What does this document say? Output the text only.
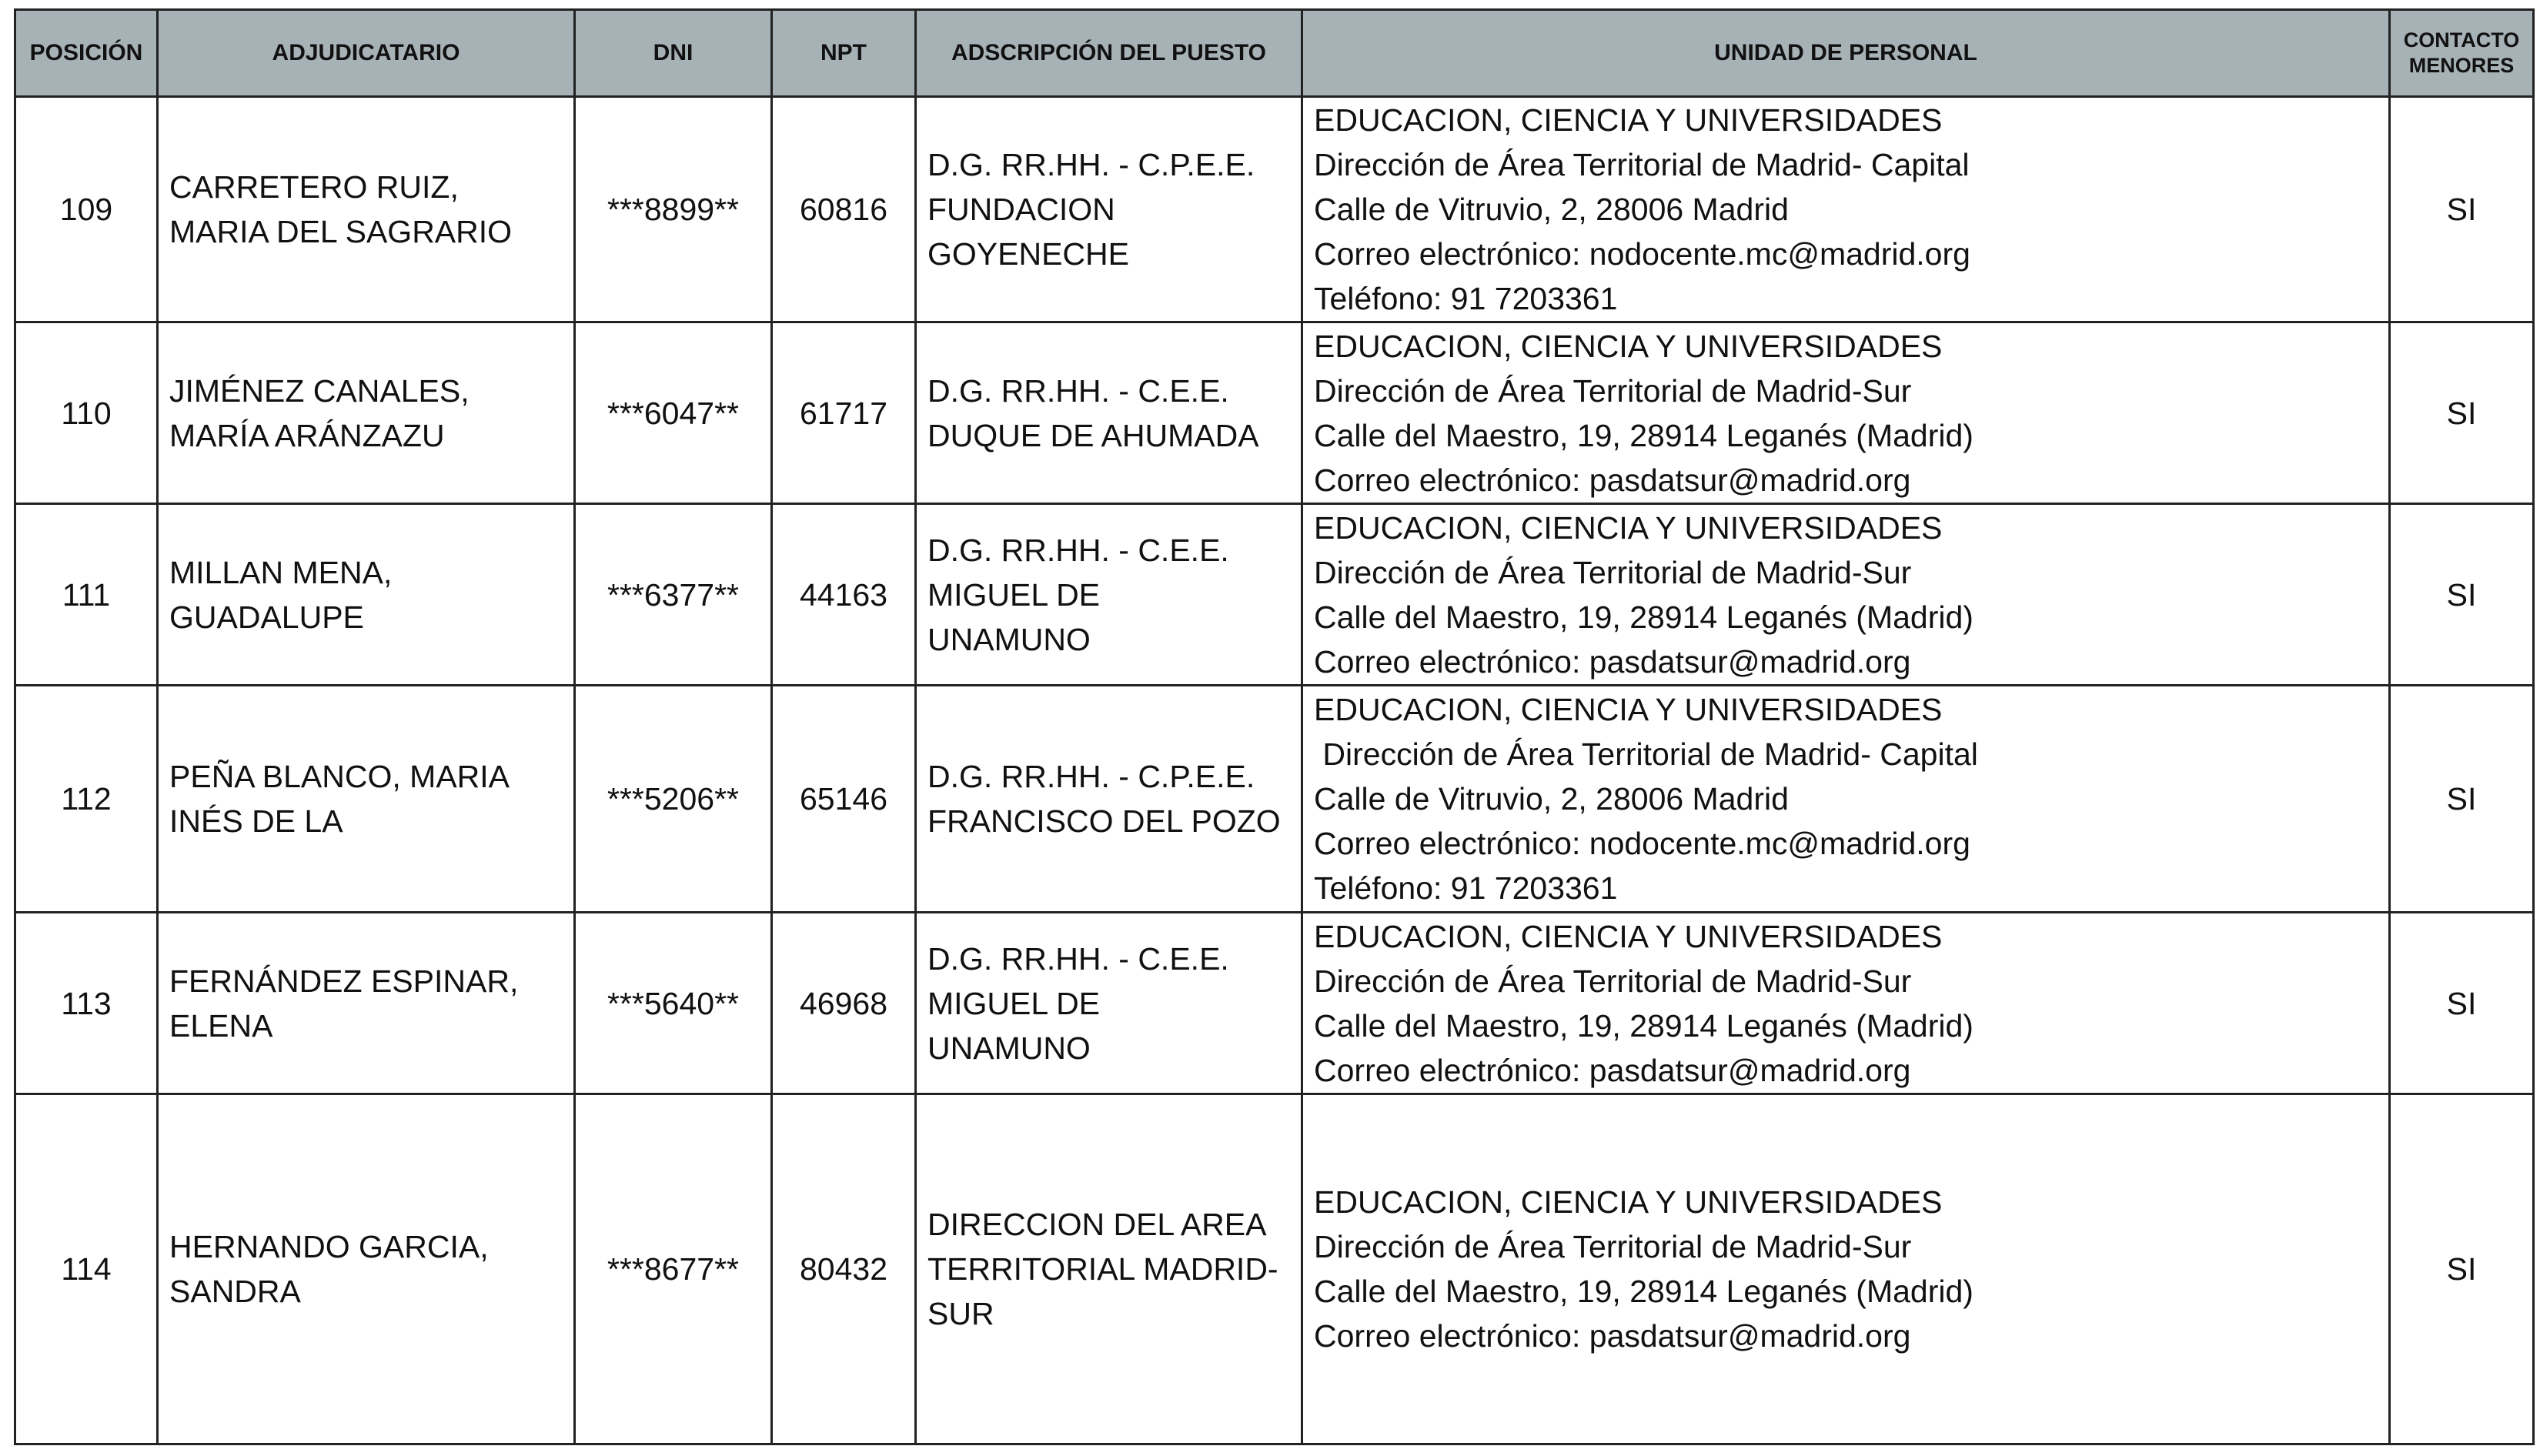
POSICIÓN	ADJUDICATARIO	DNI	NPT	ADSCRIPCIÓN DEL PUESTO	UNIDAD DE PERSONAL	CONTACTO
MENORES

109	CARRETERO RUIZ,
MARIA DEL SAGRARIO	***8899**	60816	D.G. RR.HH. - C.P.E.E.
FUNDACION
GOYENECHE	EDUCACION, CIENCIA Y UNIVERSIDADES
Dirección de Área Territorial de Madrid- Capital
Calle de Vitruvio, 2, 28006 Madrid
Correo electrónico: nodocente.mc@madrid.org
Teléfono: 91 7203361	SI
110	JIMÉNEZ CANALES,
MARÍA ARÁNZAZU	***6047**	61717	D.G. RR.HH. - C.E.E.
DUQUE DE AHUMADA	EDUCACION, CIENCIA Y UNIVERSIDADES
Dirección de Área Territorial de Madrid-Sur
Calle del Maestro, 19, 28914 Leganés (Madrid)
Correo electrónico: pasdatsur@madrid.org	SI
111	MILLAN MENA,
GUADALUPE	***6377**	44163	D.G. RR.HH. - C.E.E.
MIGUEL DE
UNAMUNO	EDUCACION, CIENCIA Y UNIVERSIDADES
Dirección de Área Territorial de Madrid-Sur
Calle del Maestro, 19, 28914 Leganés (Madrid)
Correo electrónico: pasdatsur@madrid.org	SI
112	PEÑA BLANCO, MARIA
INÉS DE LA	***5206**	65146	D.G. RR.HH. - C.P.E.E.
FRANCISCO DEL POZO	EDUCACION, CIENCIA Y UNIVERSIDADES
Dirección de Área Territorial de Madrid- Capital
Calle de Vitruvio, 2, 28006 Madrid
Correo electrónico: nodocente.mc@madrid.org
Teléfono: 91 7203361	SI
113	FERNÁNDEZ ESPINAR,
ELENA	***5640**	46968	D.G. RR.HH. - C.E.E.
MIGUEL DE
UNAMUNO	EDUCACION, CIENCIA Y UNIVERSIDADES
Dirección de Área Territorial de Madrid-Sur
Calle del Maestro, 19, 28914 Leganés (Madrid)
Correo electrónico: pasdatsur@madrid.org	SI
114	HERNANDO GARCIA,
SANDRA	***8677**	80432	DIRECCION DEL AREA
TERRITORIAL MADRID-
SUR	EDUCACION, CIENCIA Y UNIVERSIDADES
Dirección de Área Territorial de Madrid-Sur
Calle del Maestro, 19, 28914 Leganés (Madrid)
Correo electrónico: pasdatsur@madrid.org	SI
